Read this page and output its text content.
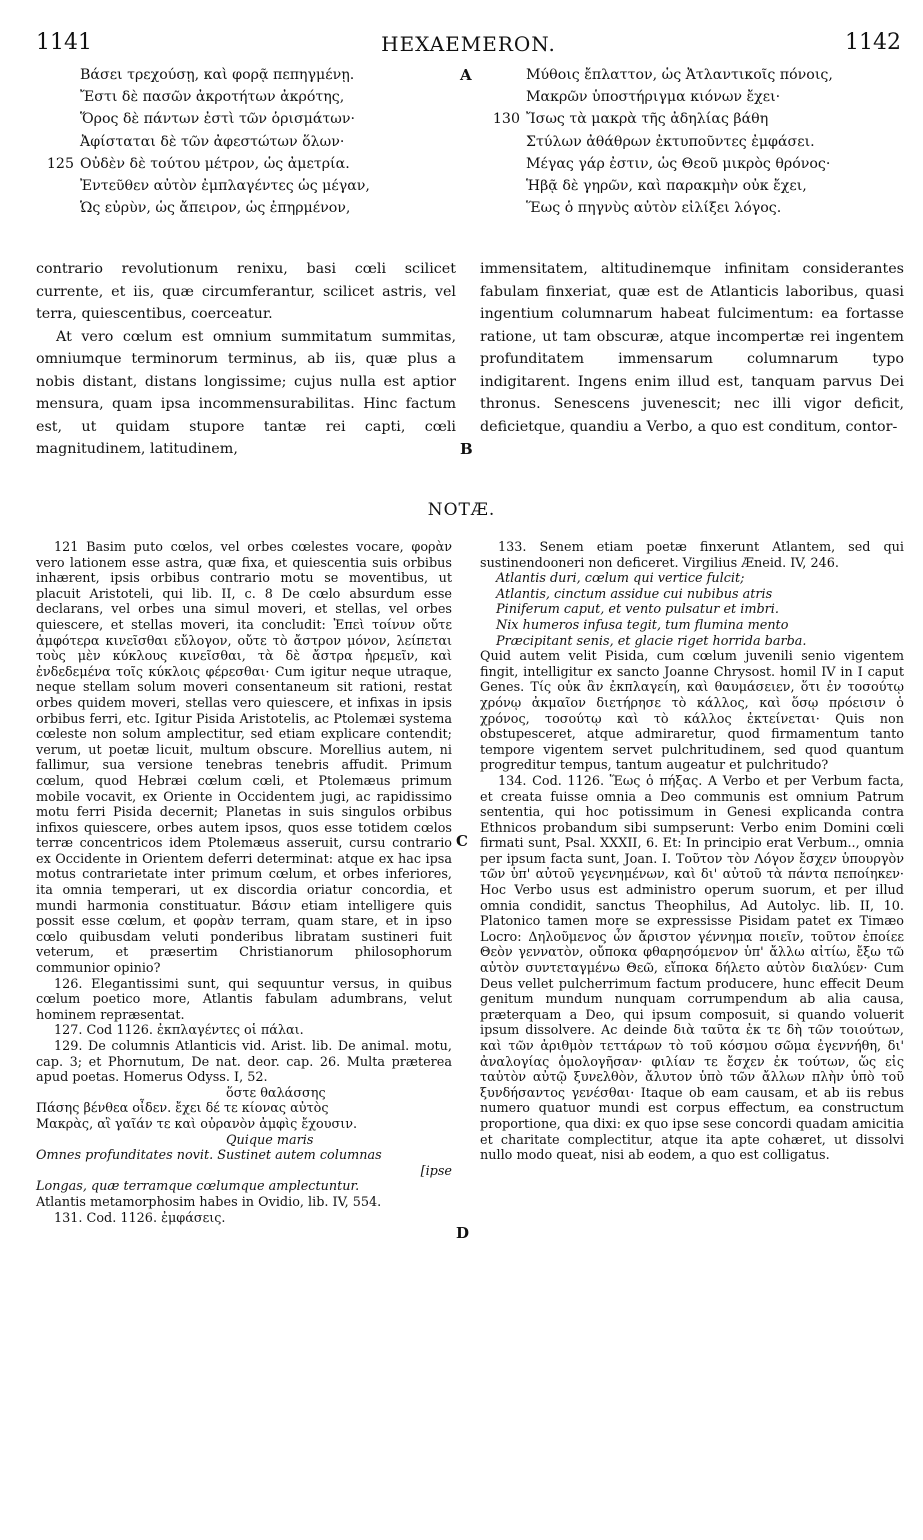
1141	HEXAEMERON.	1142
Βάσει τρεχούσῃ, καὶ φορᾷ πεπηγμένῃ.
Ἔστι δὲ πασῶν ἀκροτήτων ἀκρότης,
Ὅρος δὲ πάντων ἐστὶ τῶν ὁρισμάτων·
Ἀφίσταται δὲ τῶν ἀφεστώτων ὅλων·
125 Οὐδὲν δὲ τούτου μέτρον, ὡς ἀμετρία.
Ἐντεῦθεν αὐτὸν ἐμπλαγέντες ὡς μέγαν,
Ὡς εὐρὺν, ὡς ἄπειρον, ὡς ἐπηρμένον,
A	Μύθοις ἔπλαττον, ὡς Ἀτλαντικοῖς πόνοις,
Μακρῶν ὑποστήριγμα κιόνων ἔχει·
130 Ἴσως τὰ μακρὰ τῆς ἀδηλίας βάθη
Στύλων ἀθάθρων ἐκτυποῦντες ἐμφάσει.
Μέγας γάρ ἐστιν, ὡς Θεοῦ μικρὸς θρόνος·
Ἡβᾷ δὲ γηρῶν, καὶ παρακμὴν οὐκ ἔχει,
Ἕως ὁ πηγνὺς αὐτὸν εἰλίξει λόγος.

contrario revolutionum renixu, basi cœli scilicet currente, et iis, quæ circumferantur, scilicet astris, vel terra, quiescentibus, coerceatur.

At vero cœlum est omnium summitatum summitas, omniumque terminorum terminus, ab iis, quæ plus a nobis distant, distans longissime; cujus nulla est aptior mensura, quam ipsa incommensurabilitas. Hinc factum est, ut quidam stupore tantæ rei capti, cœli magnitudinem, latitudinem,	B

immensitatem, altitudinemque infinitam considerantes fabulam finxeriat, quæ est de Atlanticis laboribus, quasi ingentium columnarum habeat fulcimentum: ea fortasse ratione, ut tam obscuræ, atque incompertæ rei ingentem profunditatem immensarum columnarum typo indigitarent. Ingens enim illud est, tanquam parvus Dei thronus. Senescens juvenescit; nec illi vigor deficit, deficietque, quandiu a Verbo, a quo est conditum, contor-

NOTÆ.

121 Basim puto cœlos, vel orbes cœlestes vocare, φορὰν vero lationem esse astra, quæ fixa, et quiescentia suis orbibus inhærent, ipsis orbibus contrario motu se moventibus, ut placuit Aristoteli, qui lib. II, c. 8 De cœlo absurdum esse declarans, vel orbes una simul moveri, et stellas, vel orbes quiescere, et stellas moveri, ita concludit: Ἐπεὶ τοίνυν οὔτε ἀμφότερα κινεῖσθαι εὔλογον, οὔτε τὸ ἄστρον μόνον, λείπεται τοὺς μὲν κύκλους κινεῖσθαι, τὰ δὲ ἄστρα ἠρεμεῖν, καὶ ἐνδεδεμένα τοῖς κύκλοις φέρεσθαι· Cum igitur neque utraque, neque stellam solum moveri consentaneum sit rationi, restat orbes quidem moveri, stellas vero quiescere, et infixas in ipsis orbibus ferri, etc. Igitur Pisida Aristotelis, ac Ptolemæi systema cœleste non solum amplectitur, sed etiam explicare contendit; verum, ut poetæ licuit, multum obscure. Morellius autem, ni fallimur, sua versione tenebras tenebris affudit. Primum cœlum, quod Hebræi cœlum cœli, et Ptolemæus primum mobile vocavit, ex Oriente in Occidentem jugi, ac rapidissimo motu ferri Pisida decernit; Planetas in suis singulos orbibus infixos quiescere, orbes autem ipsos, quos esse totidem cœlos terræ concentricos idem Ptolemæus asseruit, cursu contrario ex Occidente in Orientem deferri determinat: atque ex hac ipsa motus contrarietate inter primum cœlum, et orbes inferiores, ita omnia temperari, ut ex discordia oriatur concordia, et mundi harmonia constituatur. Βάσιν etiam intelligere quis possit esse cœlum, et φορὰν terram, quam stare, et in ipso cœlo quibusdam veluti ponderibus libratam sustineri fuit veterum, et præsertim Christianorum philosophorum communior opinio?

126. Elegantissimi sunt, qui sequuntur versus, in quibus cœlum poetico more, Atlantis fabulam adumbrans, velut hominem repræsentat.

127. Cod 1126. ἐκπλαγέντες οἱ πάλαι.

129. De columnis Atlanticis vid. Arist. lib. De animal. motu, cap. 3; et Phornutum, De nat. deor. cap. 26. Multa præterea apud poetas. Homerus Odyss. I, 52.

ὅστε θαλάσσης

Πάσης βένθεα οἶδεν. ἔχει δέ τε κίονας αὐτὸς

Μακρὰς, αἳ γαῖάν τε καὶ οὐρανὸν ἀμφὶς ἔχουσιν.

Quique maris

Omnes profunditates novit. Sustinet autem columnas

[ipse

Longas, quæ terramque cœlumque amplectuntur.

Atlantis metamorphosim habes in Ovidio, lib. IV, 554.

131. Cod. 1126. ἐμφάσεις.

C
D

133. Senem etiam poetæ finxerunt Atlantem, sed qui sustinendooneri non deficeret. Virgilius Æneid. IV, 246.

Atlantis duri, cœlum qui vertice fulcit;

Atlantis, cinctum assidue cui nubibus atris

Piniferum caput, et vento pulsatur et imbri.

Nix humeros infusa tegit, tum flumina mento

Præcipitant senis, et glacie riget horrida barba.

Quid autem velit Pisida, cum cœlum juvenili senio vigentem fingit, intelligitur ex sancto Joanne Chrysost. homil IV in I caput Genes. Τίς οὐκ ἂν ἐκπλαγείη, καὶ θαυμάσειεν, ὅτι ἐν τοσούτῳ χρόνῳ ἀκμαῖον διετήρησε τὸ κάλλος, καὶ ὅσῳ πρόεισιν ὁ χρόνος, τοσούτῳ καὶ τὸ κάλλος ἐκτείνεται· Quis non obstupesceret, atque admiraretur, quod firmamentum tanto tempore vigentem servet pulchritudinem, sed quod quantum progreditur tempus, tantum augeatur et pulchritudo?

134. Cod. 1126. Ἕως ὁ πήξας. A Verbo et per Verbum facta, et creata fuisse omnia a Deo communis est omnium Patrum sententia, qui hoc potissimum in Genesi explicanda contra Ethnicos probandum sibi sumpserunt: Verbo enim Domini cœli firmati sunt, Psal. XXXII, 6. Et: In principio erat Verbum.., omnia per ipsum facta sunt, Joan. I. Τοῦτον τὸν Λόγον ἔσχεν ὑπουργὸν τῶν ὑπ' αὐτοῦ γεγενημένων, καὶ δι' αὐτοῦ τὰ πάντα πεποίηκεν· Hoc Verbo usus est administro operum suorum, et per illud omnia condidit, sanctus Theophilus, Ad Autolyc. lib. II, 10. Platonico tamen more se expressisse Pisidam patet ex Timæo Locro: Δηλοῦμενος ὦν ἄριστον γέννημα ποιεῖν, τοῦτον ἐποίεε Θεὸν γεννατὸν, οὔποκα φθαρησόμενον ὑπ' ἄλλω αἰτίω, ἔξω τῶ αὐτὸν συντεταγμένω Θεῶ, εἴποκα δήλετο αὐτὸν διαλύεν· Cum Deus vellet pulcherrimum factum producere, hunc effecit Deum genitum mundum nunquam corrumpendum ab alia causa, præterquam a Deo, qui ipsum composuit, si quando voluerit ipsum dissolvere. Ac deinde διὰ ταῦτα ἐκ τε δὴ τῶν τοιούτων, καὶ τῶν ἀριθμὸν τεττάρων τὸ τοῦ κόσμου σῶμα ἐγεννήθη, δι' ἀναλογίας ὁμολογῆσαν· φιλίαν τε ἔσχεν ἐκ τούτων, ὥς εἰς ταὐτὸν αὐτῷ ξυνελθὸν, ἄλυτον ὑπὸ τῶν ἄλλων πλὴν ὑπὸ τοῦ ξυνδήσαντος γενέσθαι· Itaque ob eam causam, et ab iis rebus numero quatuor mundi est corpus effectum, ea constructum proportione, qua dixi: ex quo ipse sese concordi quadam amicitia et charitate complectitur, atque ita apte cohæret, ut dissolvi nullo modo queat, nisi ab eodem, a quo est colligatus.
